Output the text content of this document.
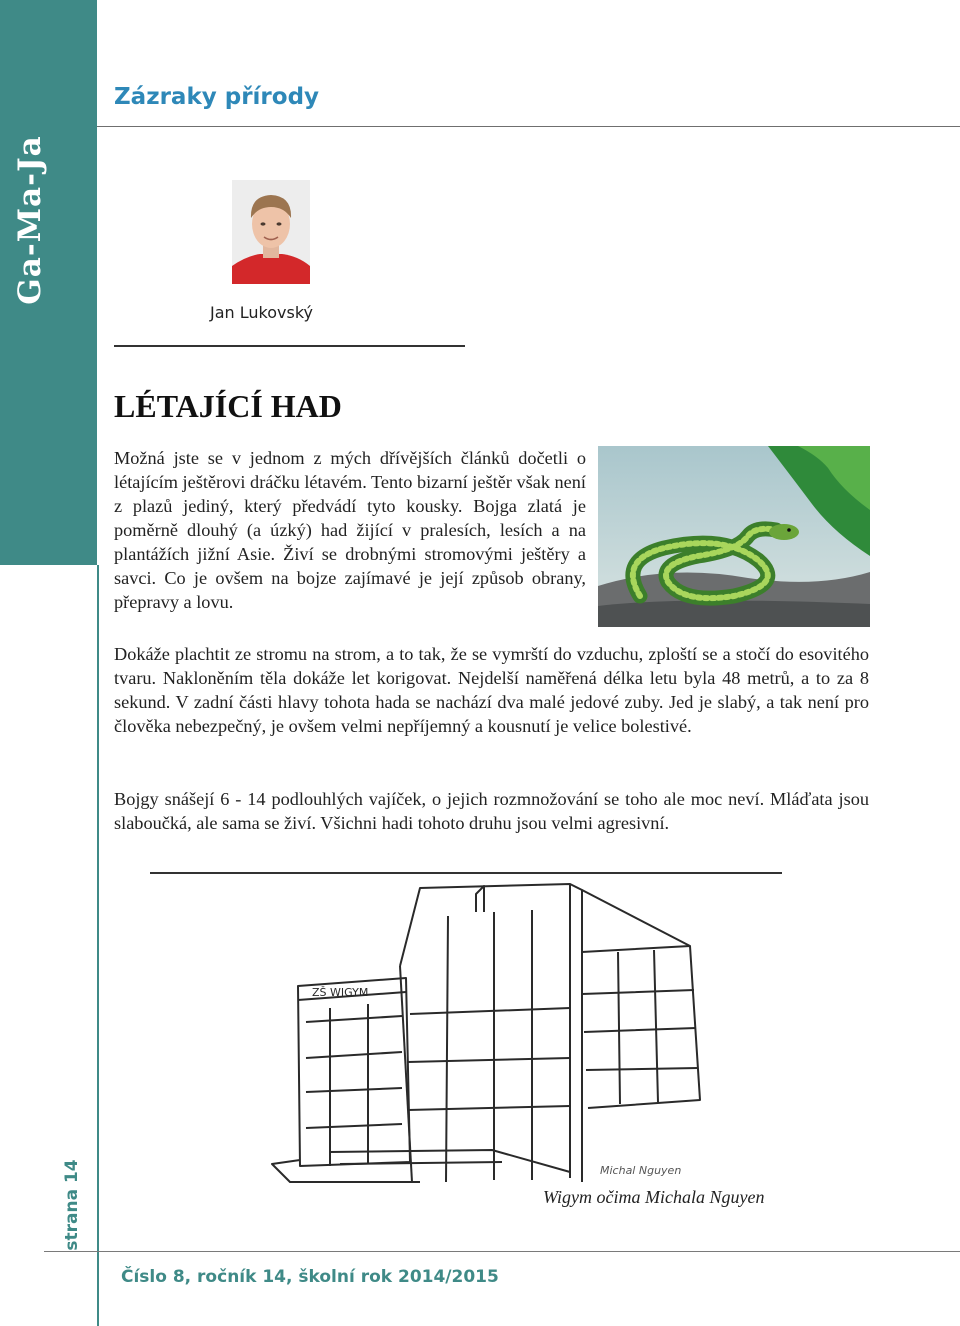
Ga-Ma-Ja
Zázraky přírody
Jan Lukovský
LÉTAJÍCÍ HAD
Možná jste se v jednom z mých dřívějších článků dočetli o létajícím ještěrovi dráčku létavém. Tento bizarní ještěr však není z plazů jediný, který předvádí tyto kousky. Bojga zlatá je poměrně dlouhý (a úzký) had žijící v pralesích, lesích a na plantážích jižní Asie. Živí se drobnými stromovými ještěry a savci. Co je ovšem na bojze zajímavé je její způsob obrany, přepravy a lovu.
Dokáže plachtit ze stromu na strom, a to tak, že se vymrští do vzduchu, zploští se a stočí do esovitého tvaru. Nakloněním těla dokáže let korigovat. Nejdelší naměřená délka letu byla 48 metrů, a to za 8 sekund. V zadní části hlavy tohota hada se nachází dva malé jedové zuby. Jed je slabý, a tak není pro člověka nebezpečný, je ovšem velmi nepříjemný a kousnutí je velice bolestivé.
Bojgy snášejí 6 - 14 podlouhlých vajíček, o jejich rozmnožování se toho ale moc neví. Mláďata jsou slaboučká, ale sama se živí. Všichni hadi tohoto druhu jsou velmi agresivní.
ZŠ WIGYM
Michal Nguyen
Wigym očima Michala Nguyen
strana 14
Číslo 8, ročník 14, školní rok 2014/2015
